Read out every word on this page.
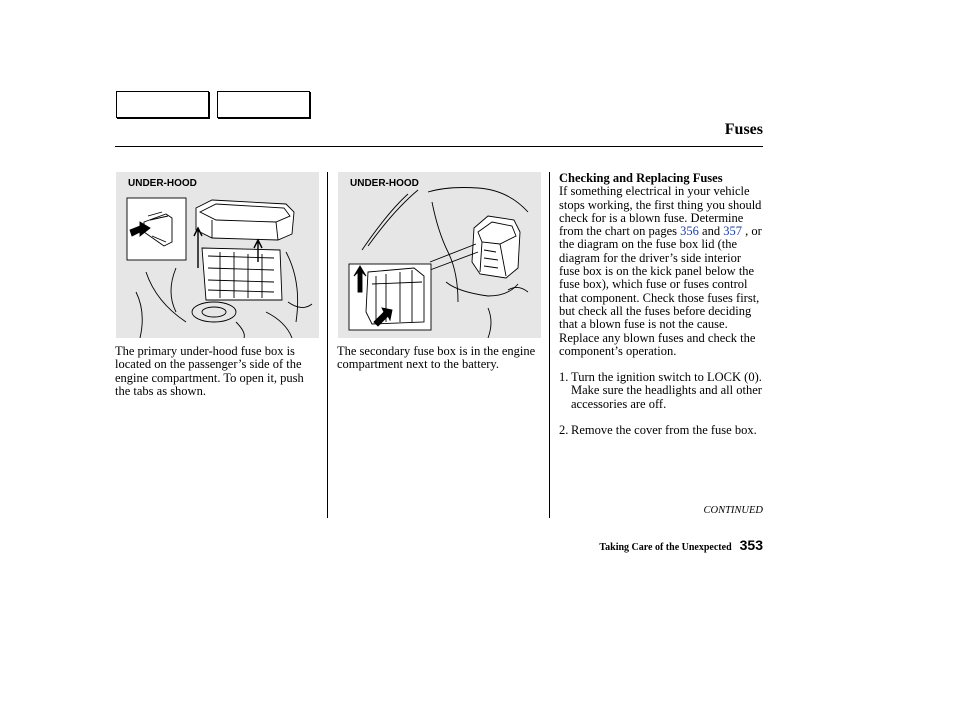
Fuses
UNDER-HOOD	UNDER-HOOD
The primary under-hood fuse box is located on the passenger’s side of the engine compartment. To open it, push the tabs as shown.
The secondary fuse box is in the engine compartment next to the battery.
Checking and Replacing Fuses
If something electrical in your vehicle stops working, the first thing you should check for is a blown fuse. Determine from the chart on pages 356 and 357 , or the diagram on the fuse box lid (the diagram for the driver’s side interior fuse box is on the kick panel below the fuse box), which fuse or fuses control that component. Check those fuses first, but check all the fuses before deciding that a blown fuse is not the cause. Replace any blown fuses and check the component’s operation.
1. Turn the ignition switch to LOCK (0). Make sure the headlights and all other accessories are off.
2. Remove the cover from the fuse box.
CONTINUED
Taking Care of the Unexpected 353
